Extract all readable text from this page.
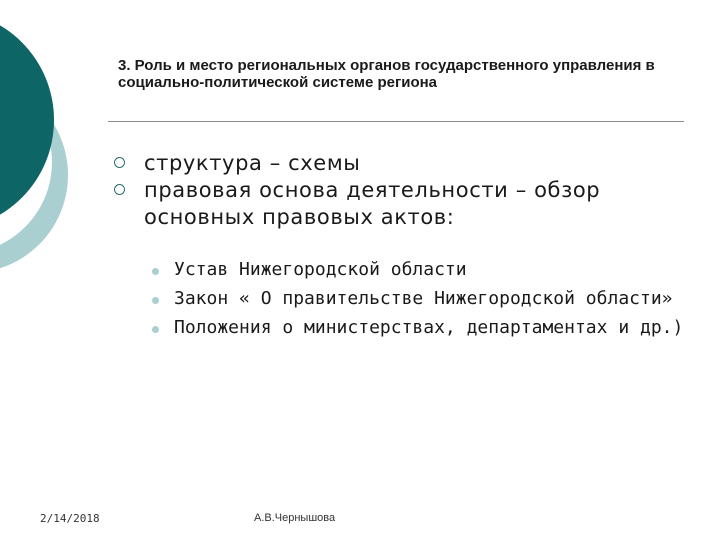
3. Роль и место региональных органов государственного управления в социально-политической системе региона
структура – схемы
правовая основа деятельности – обзор основных правовых актов:
Устав Нижегородской области
Закон « О правительстве Нижегородской области»
Положения о министерствах, департаментах и др.)
2/14/2018	А.В.Чернышова
